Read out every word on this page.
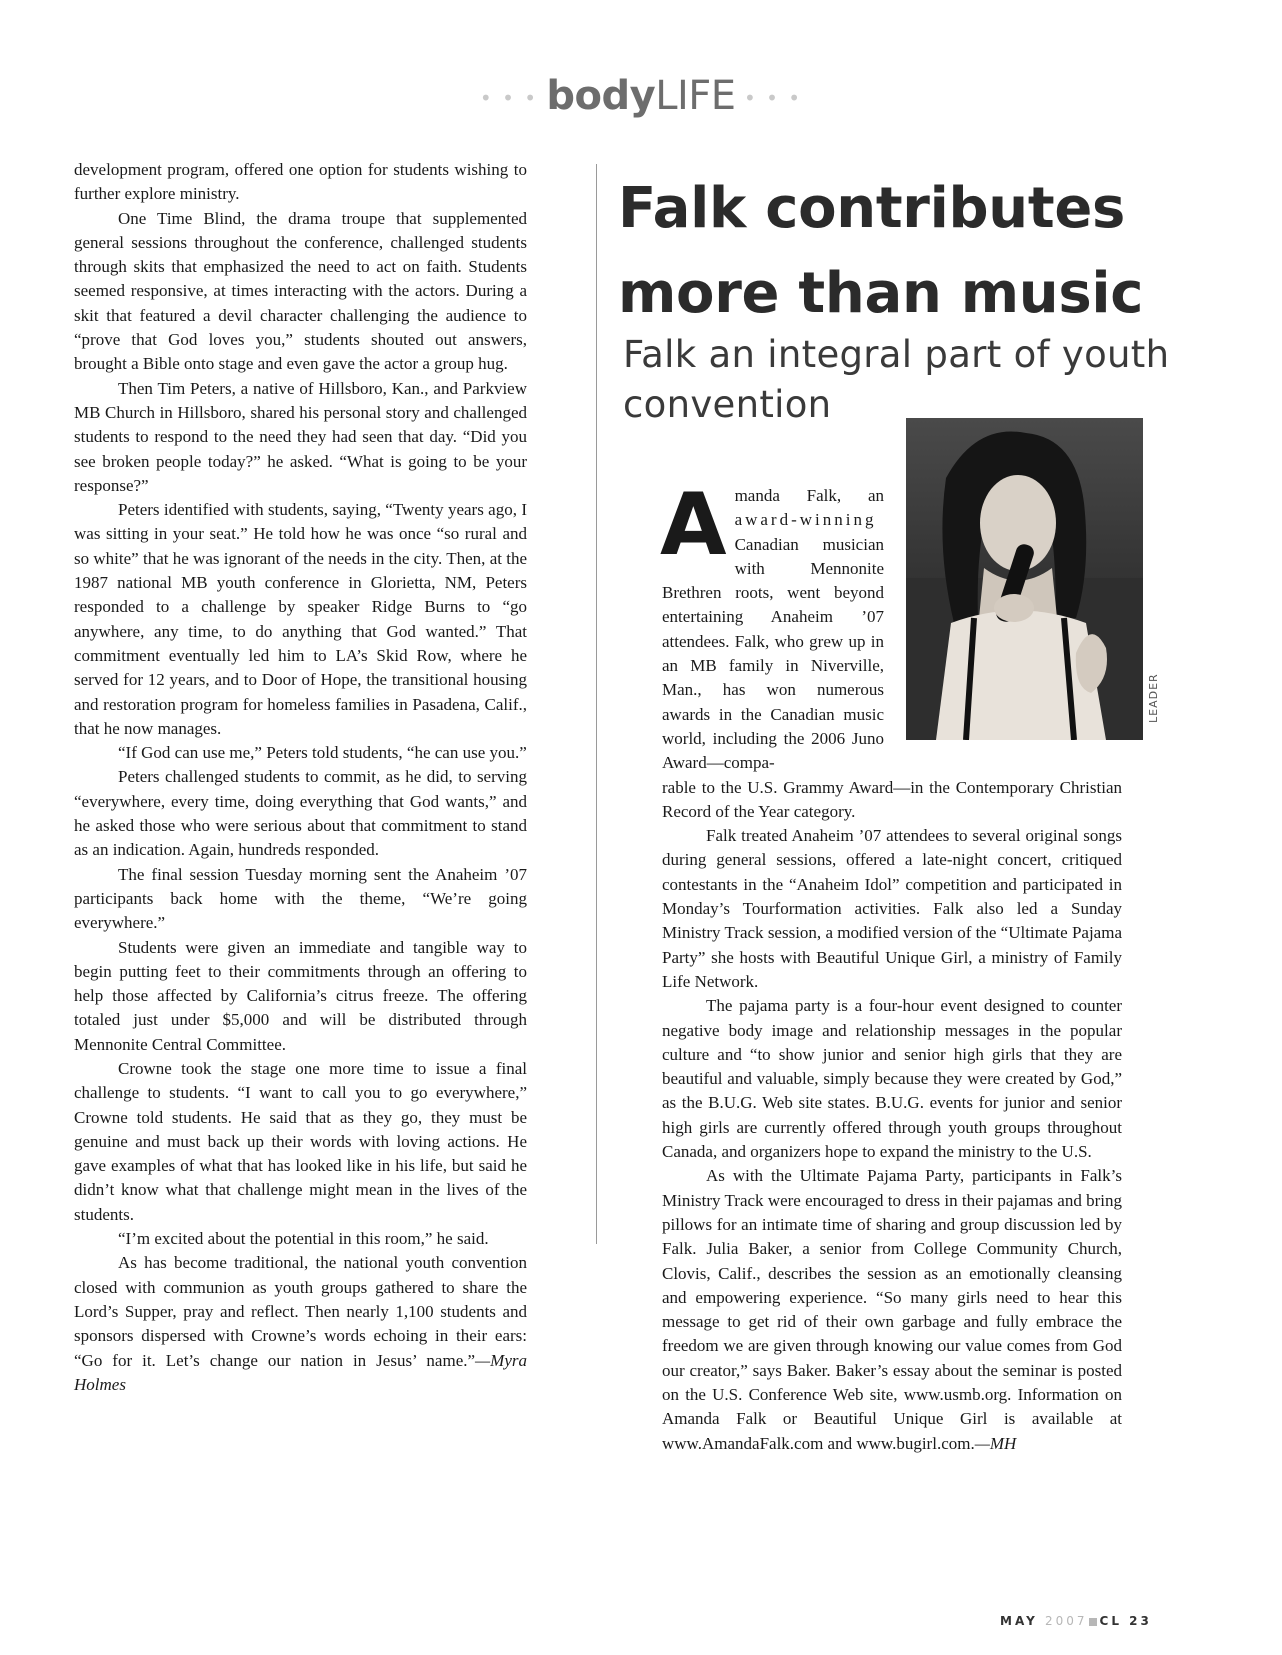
• • • bodyLIFE • • •

development program, offered one option for students wishing to further explore ministry.

One Time Blind, the drama troupe that supplemented general sessions throughout the conference, challenged students through skits that emphasized the need to act on faith. Students seemed responsive, at times interacting with the actors. During a skit that featured a devil character challenging the audience to “prove that God loves you,” students shouted out answers, brought a Bible onto stage and even gave the actor a group hug.

Then Tim Peters, a native of Hillsboro, Kan., and Parkview MB Church in Hillsboro, shared his personal story and challenged students to respond to the need they had seen that day. “Did you see broken people today?” he asked. “What is going to be your response?”

Peters identified with students, saying, “Twenty years ago, I was sitting in your seat.” He told how he was once “so rural and so white” that he was ignorant of the needs in the city. Then, at the 1987 national MB youth conference in Glorietta, NM, Peters responded to a challenge by speaker Ridge Burns to “go anywhere, any time, to do anything that God wanted.” That commitment eventually led him to LA’s Skid Row, where he served for 12 years, and to Door of Hope, the transitional housing and restoration program for homeless families in Pasadena, Calif., that he now manages.

“If God can use me,” Peters told students, “he can use you.”

Peters challenged students to commit, as he did, to serving “everywhere, every time, doing everything that God wants,” and he asked those who were serious about that commitment to stand as an indication. Again, hundreds responded.

The final session Tuesday morning sent the Anaheim ’07 participants back home with the theme, “We’re going everywhere.”

Students were given an immediate and tangible way to begin putting feet to their commitments through an offering to help those affected by California’s citrus freeze. The offering totaled just under $5,000 and will be distributed through Mennonite Central Committee.

Crowne took the stage one more time to issue a final challenge to students. “I want to call you to go everywhere,” Crowne told students. He said that as they go, they must be genuine and must back up their words with loving actions. He gave examples of what that has looked like in his life, but said he didn’t know what that challenge might mean in the lives of the students.

“I’m excited about the potential in this room,” he said.

As has become traditional, the national youth convention closed with communion as youth groups gathered to share the Lord’s Supper, pray and reflect. Then nearly 1,100 students and sponsors dispersed with Crowne’s words echoing in their ears: “Go for it. Let’s change our nation in Jesus’ name.”—Myra Holmes

Falk contributes more than music
Falk an integral part of youth convention
LEADER
Amanda Falk, an award-winning Canadian musician with Mennonite Brethren roots, went beyond entertaining Anaheim ’07 attendees. Falk, who grew up in an MB family in Niverville, Man., has won numerous awards in the Canadian music world, including the 2006 Juno Award—compa-

rable to the U.S. Grammy Award—in the Contemporary Christian Record of the Year category.

Falk treated Anaheim ’07 attendees to several original songs during general sessions, offered a late-night concert, critiqued contestants in the “Anaheim Idol” competition and participated in Monday’s Tourformation activities. Falk also led a Sunday Ministry Track session, a modified version of the “Ultimate Pajama Party” she hosts with Beautiful Unique Girl, a ministry of Family Life Network.

The pajama party is a four-hour event designed to counter negative body image and relationship messages in the popular culture and “to show junior and senior high girls that they are beautiful and valuable, simply because they were created by God,” as the B.U.G. Web site states. B.U.G. events for junior and senior high girls are currently offered through youth groups throughout Canada, and organizers hope to expand the ministry to the U.S.

As with the Ultimate Pajama Party, participants in Falk’s Ministry Track were encouraged to dress in their pajamas and bring pillows for an intimate time of sharing and group discussion led by Falk. Julia Baker, a senior from College Community Church, Clovis, Calif., describes the session as an emotionally cleansing and empowering experience. “So many girls need to hear this message to get rid of their own garbage and fully embrace the freedom we are given through knowing our value comes from God our creator,” says Baker. Baker’s essay about the seminar is posted on the U.S. Conference Web site, www.usmb.org. Information on Amanda Falk or Beautiful Unique Girl is available at www.AmandaFalk.com and www.bugirl.com.—MH

MAY 2007 CL 23
